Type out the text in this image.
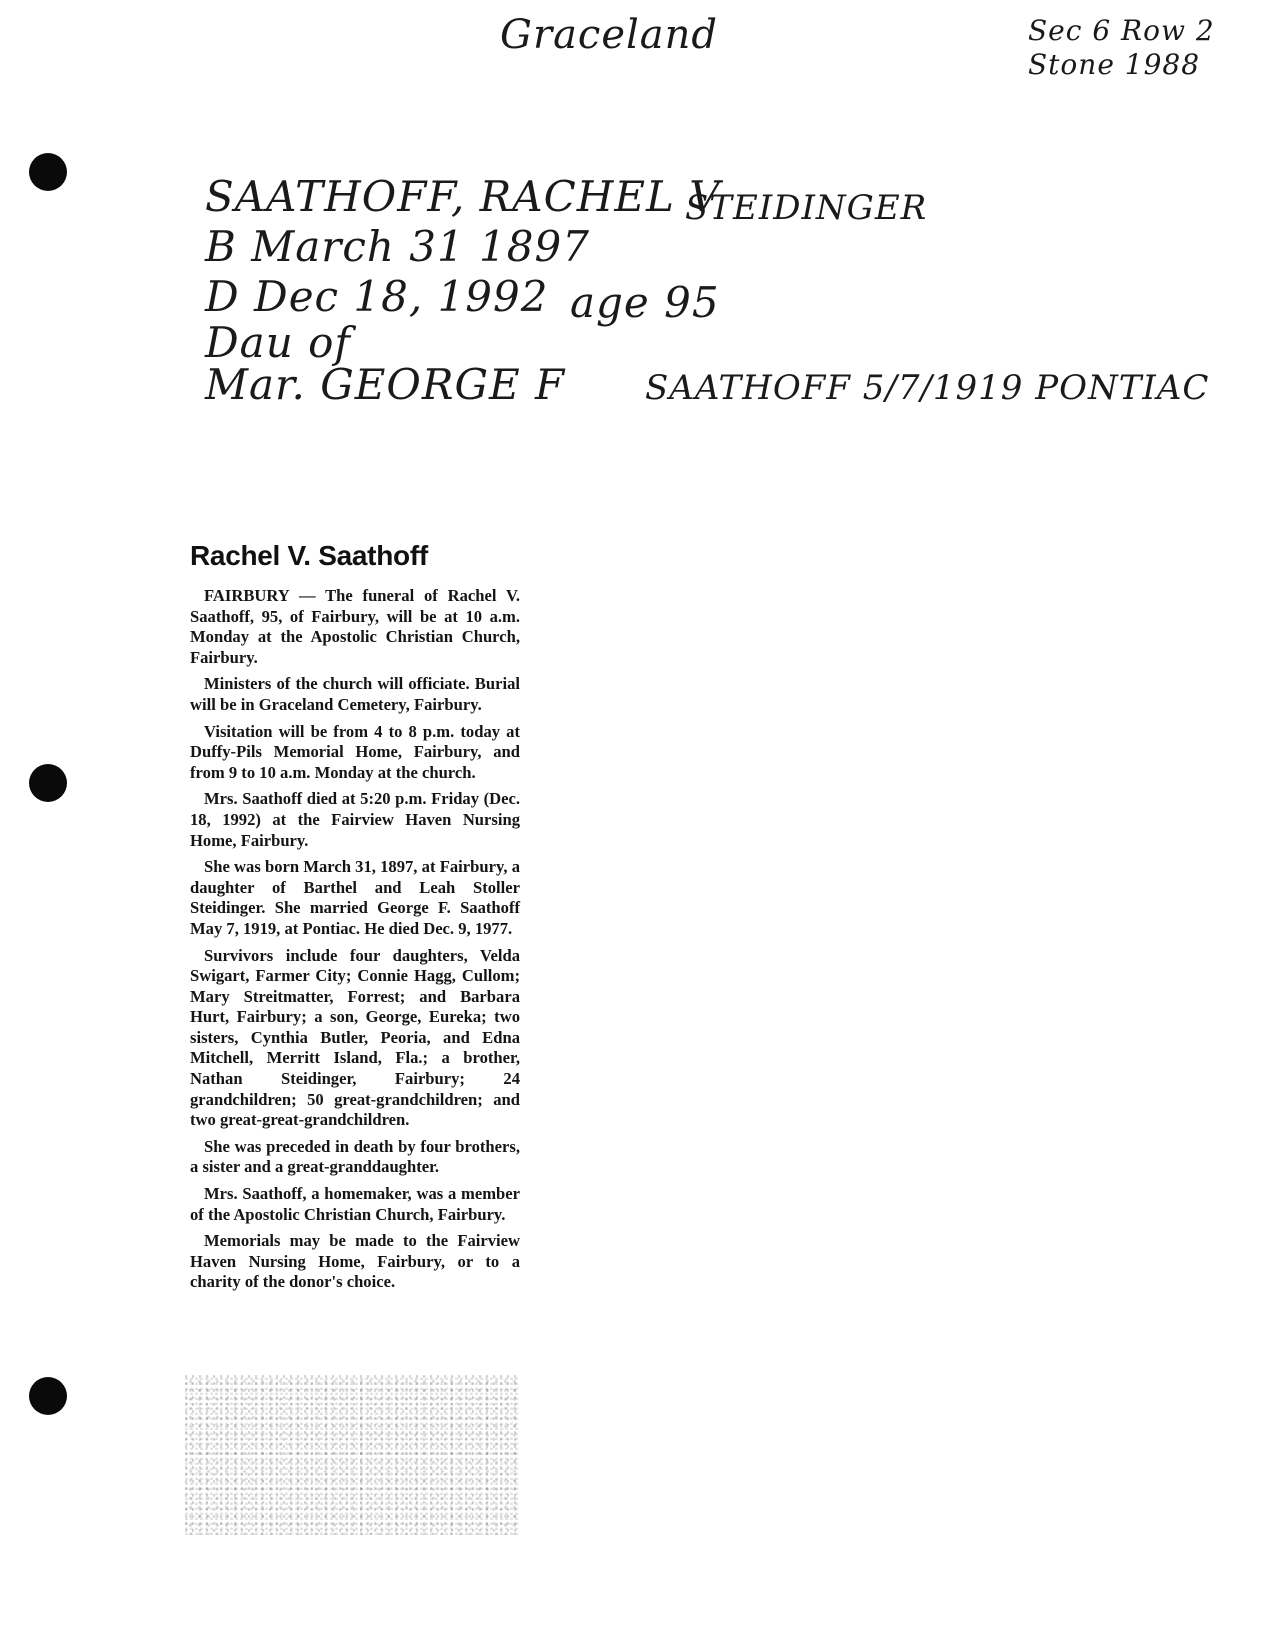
Graceland	Sec 6 Row 2
Stone 1988
SAATHOFF, RACHEL V
STEIDINGER
B March 31 1897
D Dec 18, 1992 age 95
Dau of
Mar. GEORGE F SAATHOFF 5/7/1919 PONTIAC
Rachel V. Saathoff

FAIRBURY — The funeral of Rachel V. Saathoff, 95, of Fairbury, will be at 10 a.m. Monday at the Apostolic Christian Church, Fairbury.

Ministers of the church will officiate. Burial will be in Graceland Cemetery, Fairbury.

Visitation will be from 4 to 8 p.m. today at Duffy-Pils Memorial Home, Fairbury, and from 9 to 10 a.m. Monday at the church.

Mrs. Saathoff died at 5:20 p.m. Friday (Dec. 18, 1992) at the Fairview Haven Nursing Home, Fairbury.

She was born March 31, 1897, at Fairbury, a daughter of Barthel and Leah Stoller Steidinger. She married George F. Saathoff May 7, 1919, at Pontiac. He died Dec. 9, 1977.

Survivors include four daughters, Velda Swigart, Farmer City; Connie Hagg, Cullom; Mary Streitmatter, Forrest; and Barbara Hurt, Fairbury; a son, George, Eureka; two sisters, Cynthia Butler, Peoria, and Edna Mitchell, Merritt Island, Fla.; a brother, Nathan Steidinger, Fairbury; 24 grandchildren; 50 great-grandchildren; and two great-great-grandchildren.

She was preceded in death by four brothers, a sister and a great-granddaughter.

Mrs. Saathoff, a homemaker, was a member of the Apostolic Christian Church, Fairbury.

Memorials may be made to the Fairview Haven Nursing Home, Fairbury, or to a charity of the donor's choice.
